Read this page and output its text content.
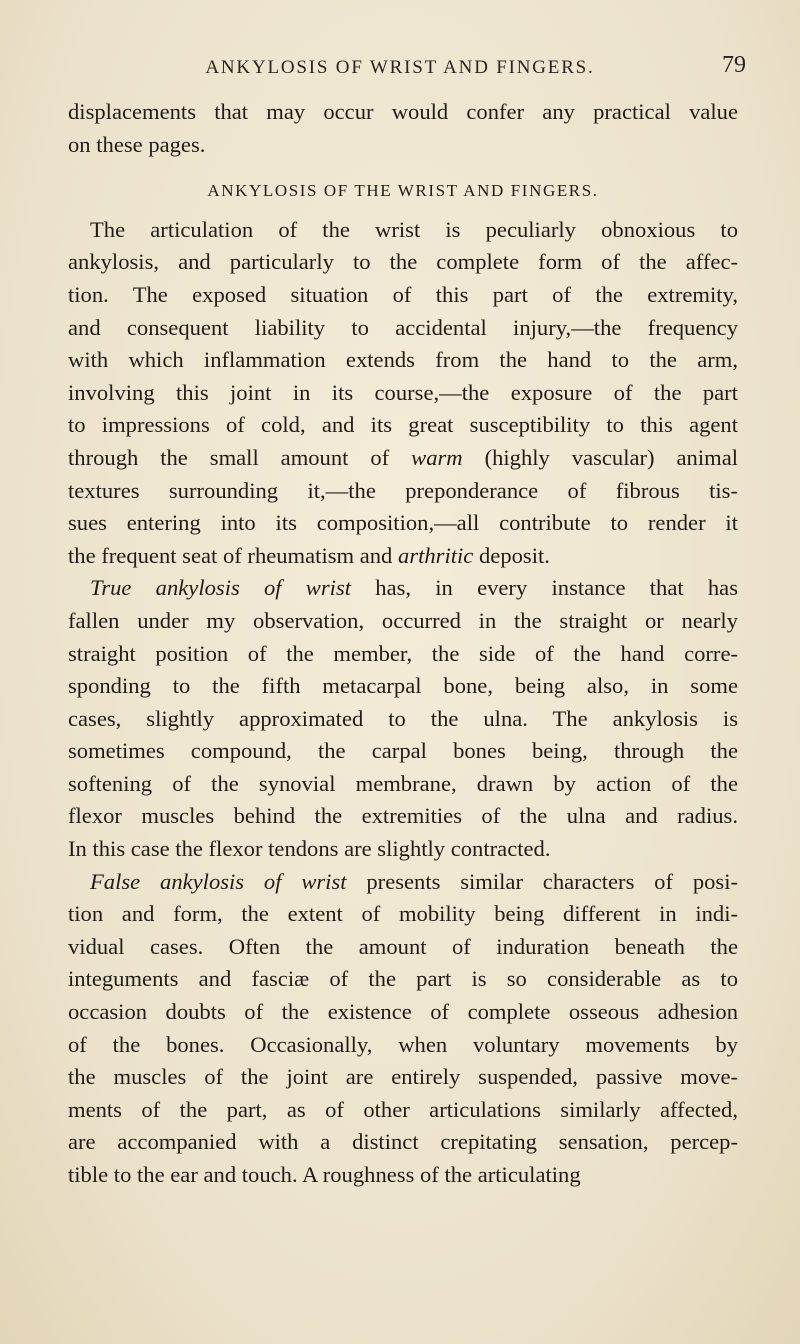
ANKYLOSIS OF WRIST AND FINGERS.	79
displacements that may occur would confer any practical value
on these pages.
ANKYLOSIS OF THE WRIST AND FINGERS.
The articulation of the wrist is peculiarly obnoxious to
ankylosis, and particularly to the complete form of the affec-
tion. The exposed situation of this part of the extremity,
and consequent liability to accidental injury,—the frequency
with which inflammation extends from the hand to the arm,
involving this joint in its course,—the exposure of the part
to impressions of cold, and its great susceptibility to this agent
through the small amount of warm (highly vascular) animal
textures surrounding it,—the preponderance of fibrous tis-
sues entering into its composition,—all contribute to render it
the frequent seat of rheumatism and arthritic deposit.
True ankylosis of wrist has, in every instance that has
fallen under my observation, occurred in the straight or nearly
straight position of the member, the side of the hand corre-
sponding to the fifth metacarpal bone, being also, in some
cases, slightly approximated to the ulna. The ankylosis is
sometimes compound, the carpal bones being, through the
softening of the synovial membrane, drawn by action of the
flexor muscles behind the extremities of the ulna and radius.
In this case the flexor tendons are slightly contracted.
False ankylosis of wrist presents similar characters of posi-
tion and form, the extent of mobility being different in indi-
vidual cases. Often the amount of induration beneath the
integuments and fasciæ of the part is so considerable as to
occasion doubts of the existence of complete osseous adhesion
of the bones. Occasionally, when voluntary movements by
the muscles of the joint are entirely suspended, passive move-
ments of the part, as of other articulations similarly affected,
are accompanied with a distinct crepitating sensation, percep-
tible to the ear and touch. A roughness of the articulating
